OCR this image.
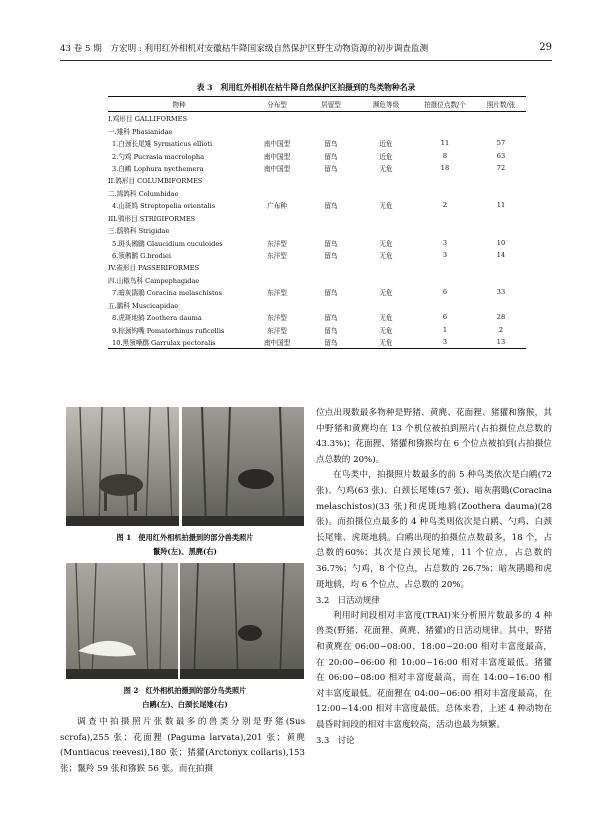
43 卷 5 期　方宏明 : 利用红外相机对安徽枯牛降国家级自然保护区野生动物资源的初步调查监测	29
表 3　利用红外相机在枯牛降自然保护区拍摄到的鸟类物种名录
物种	分布型	居留型	濒危等级	拍摄位点数/个	照片数/张
I.鸡形目 GALLIFORMES					
一.雉科 Phasianidae					
1.白颈长尾雉 Syrmaticus ellioti	南中国型	留鸟	近危	11	57
2.勺鸡 Pucrasia macrolopha	南中国型	留鸟	近危	8	63
3.白鹇 Lophura nycthemera	南中国型	留鸟	无危	18	72
II.鸽形目 COLUMBIFORMES					
二.鸠鸽科 Columbidae					
4.山斑鸠 Streptopelia orientalis	广布种	留鸟	无危	2	11
III.鸮形目 STRIGIFORMES					
三.鸱鸮科 Strigidae					
5.斑头鸺鹠 Glaucidium cuculoides	东洋型	留鸟	无危	3	10
6.领鸺鹠 G.brodiei	东洋型	留鸟	无危	3	14
IV.雀形目 PASSERIFORMES					
四.山椒鸟科 Campephagidae					
7.暗灰鹃鵙 Coracina melaschistos	东洋型	留鸟	无危	6	33
五.鹟科 Muscicapidae					
8.虎斑地鸫 Zoothera dauma	东洋型	留鸟	无危	6	28
9.棕颈钩嘴 Pomatorhinus ruficollis	东洋型	留鸟	无危	1	2
10.黑领噪鹛 Garrulax pectoralis	南中国型	留鸟	无危	3	13
图 1　使用红外相机拍摄到的部分兽类照片
鬣羚(左)、黑麂(右)
图 2　红外相机拍摄到的部分鸟类照片
白鹇(左)、白颈长尾雉(右)

调查中拍摄照片张数最多的兽类分别是野猪(Sus scrofa),255 张；花面狸 (Paguma larvata),201 张；黄麂(Muntiacus reevesi),180 张；猪獾(Arctonyx collaris),153 张；鬣羚 59 张和猕猴 56 张。而在拍摄

位点出现数最多物种是野猪、黄麂、花面狸、猪獾和猕猴，其中野猪和黄麂均在 13 个机位被拍到照片(占拍摄位点总数的 43.3%)；花面狸、猪獾和猕猴均在 6 个位点被拍到(占拍摄位点总数的 20%)。

在鸟类中，拍摄照片数最多的前 5 种鸟类依次是白鹇(72 张)、勺鸡(63 张)、白颈长尾雉(57 张)、暗灰鹃鵙(Coracina melaschistos)(33 张)和虎斑地鸫(Zoothera dauma)(28 张)。而拍摄位点最多的 4 种鸟类则依次是白鹇、勺鸡、白颈长尾雉、虎斑地鸫。白鹇出现的拍摄位点数最多，18 个，占总数的60%；其次是白颈长尾雉，11 个位点，占总数的 36.7%；勺鸡，8 个位点，占总数的 26.7%；暗灰鹃鵙和虎斑地鸫，均 6 个位点，占总数的 20%。

3.2　日活动规律

利用时间段相对丰富度(TRAI)来分析照片数最多的 4 种兽类(野猪、花面狸、黄麂、猪獾)的日活动规律。其中，野猪和黄麂在 06:00~08:00、18:00~20:00 相对丰富度最高，在 20:00~06:00 和 10:00~16:00 相对丰富度最低。猪獾在 06:00~08:00 相对丰富度最高，而在 14:00~16:00 相对丰富度最低。花面狸在 04:00~06:00 相对丰富度最高，在 12:00~14:00 相对丰富度最低。总体来看，上述 4 种动物在晨昏时间段的相对丰富度较高，活动也最为频繁。

3.3　讨论
